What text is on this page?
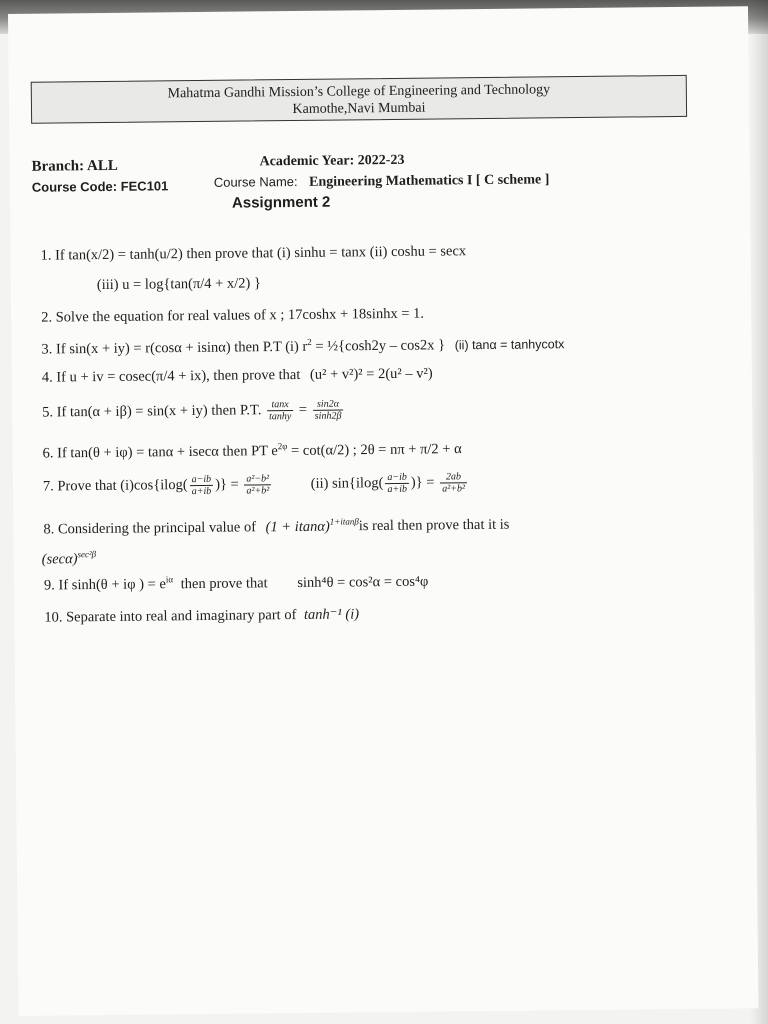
Mahatma Gandhi Mission’s College of Engineering and Technology
Kamothe,Navi Mumbai
Branch: ALL
Course Code: FEC101
Academic Year: 2022-23
Course Name: Engineering Mathematics I [ C scheme ]
Assignment 2
1. If tan(x/2) = tanh(u/2) then prove that (i) sinhu = tanx (ii) coshu = secx
(iii) u = log{tan(π/4 + x/2) }
2. Solve the equation for real values of x ; 17coshx + 18sinhx = 1.
3. If sin(x + iy) = r(cosα + isinα) then P.T (i) $r^2$ = ½{cosh2y – cos2x } (ii) tanα = tanhycotx
4. If u + iv = cosec(π/4 + ix), then prove that (u² + v²)² = 2(u² – v²)
5. If tan(α + iβ) = sin(x + iy) then P.T. $\frac{\tan x}{\tanh y} = \frac{\sin 2\alpha}{\sinh 2\beta}$
6. If tan(θ + iφ) = tanα + isecα then PT $e^{2\varphi} = \cot(\alpha/2)$ ; 2θ = nπ + π/2 + α
7. Prove that $(i)\cos\{ilog( \frac{a-ib}{a+ib}$ )} = $\frac{\text{a²−b²}}{\text{a²+b²}}$	(ii) $\sin\{ilog( \frac{a-ib}{a+ib}$ )} = $\frac{2ab}{\text{a²+b²}}$
8. Considering the principal value of $(1 + itan\alpha)^{1+itan\beta}is$ real then prove that it is
$(\sec\alpha)^{sec^2\beta}$
9. If sinh(θ + iφ ) = $e^{i\alpha}$ then prove that sinh⁴θ = cos²α = cos⁴φ
10. Separate into real and imaginary part of tanh⁻¹ (i)
